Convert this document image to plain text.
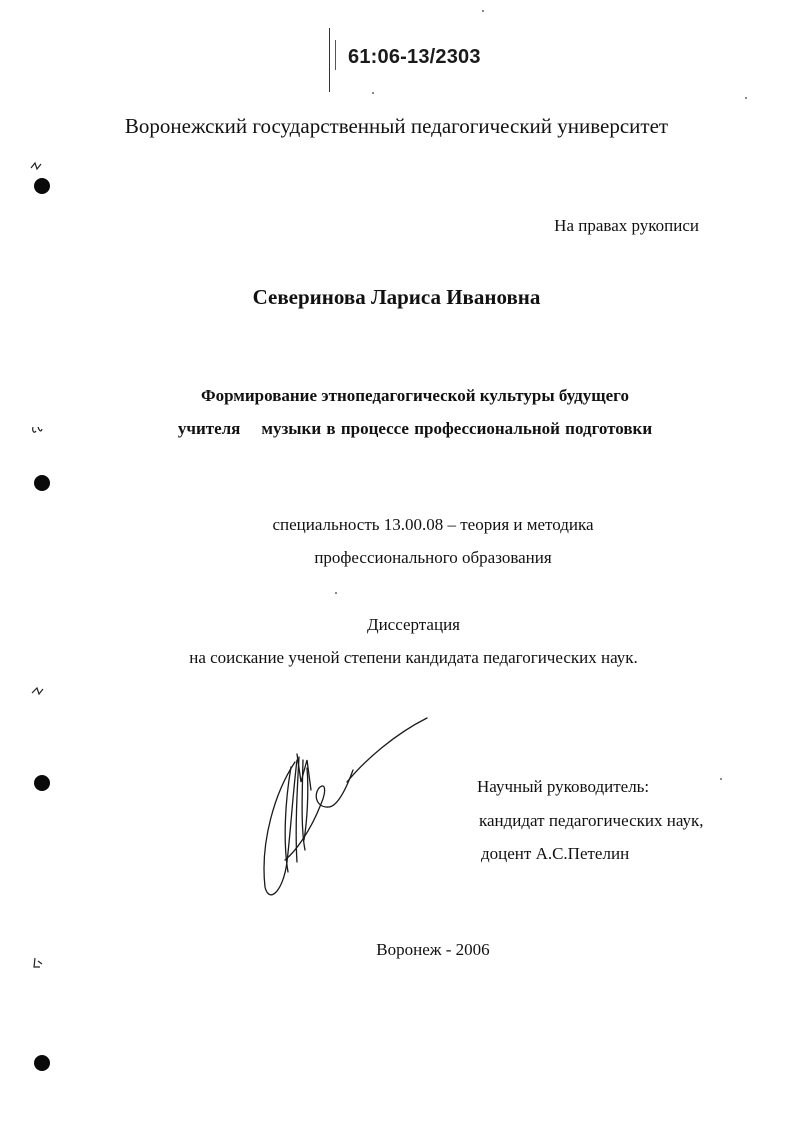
61:06-13/2303
Воронежский государственный педагогический университет
На правах рукописи
Северинова Лариса Ивановна
Формирование этнопедагогической культуры будущего
учителя    музыки в процессе профессиональной подготовки
специальность 13.00.08 – теория и методика
профессионального образования
Диссертация
на соискание ученой степени кандидата педагогических наук.
Научный руководитель:
кандидат педагогических наук,
доцент А.С.Петелин
Воронеж - 2006
